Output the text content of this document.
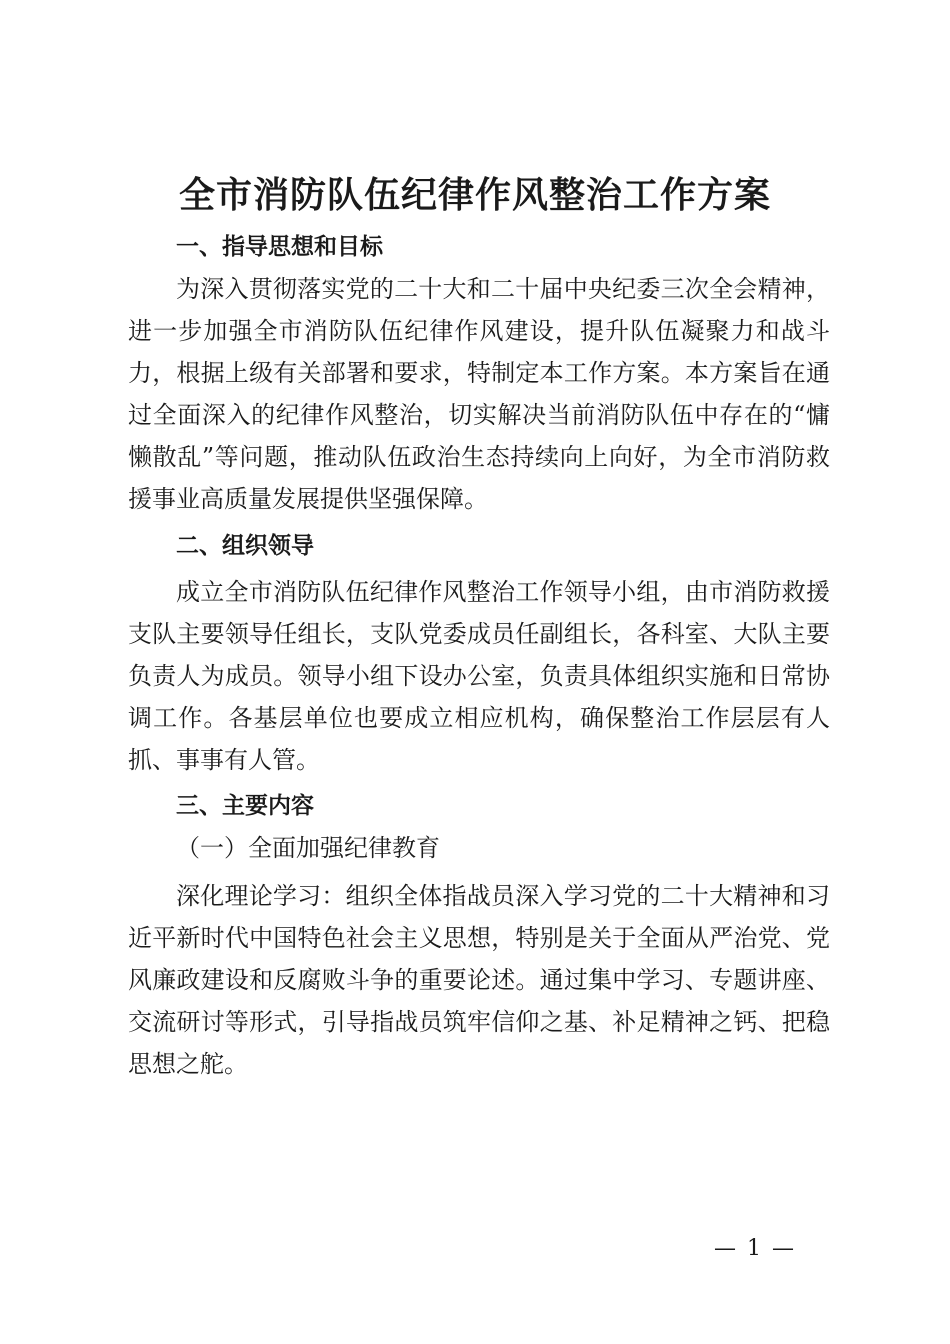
全市消防队伍纪律作风整治工作方案

一、指导思想和目标

为深入贯彻落实党的二十大和二十届中央纪委三次全会精神，进一步加强全市消防队伍纪律作风建设，提升队伍凝聚力和战斗力，根据上级有关部署和要求，特制定本工作方案。本方案旨在通过全面深入的纪律作风整治，切实解决当前消防队伍中存在的“慵懒散乱”等问题，推动队伍政治生态持续向上向好，为全市消防救援事业高质量发展提供坚强保障。

二、组织领导

成立全市消防队伍纪律作风整治工作领导小组，由市消防救援支队主要领导任组长，支队党委成员任副组长，各科室、大队主要负责人为成员。领导小组下设办公室，负责具体组织实施和日常协调工作。各基层单位也要成立相应机构，确保整治工作层层有人抓、事事有人管。

三、主要内容

（一）全面加强纪律教育

深化理论学习：组织全体指战员深入学习党的二十大精神和习近平新时代中国特色社会主义思想，特别是关于全面从严治党、党风廉政建设和反腐败斗争的重要论述。通过集中学习、专题讲座、交流研讨等形式，引导指战员筑牢信仰之基、补足精神之钙、把稳思想之舵。

— 1 —
